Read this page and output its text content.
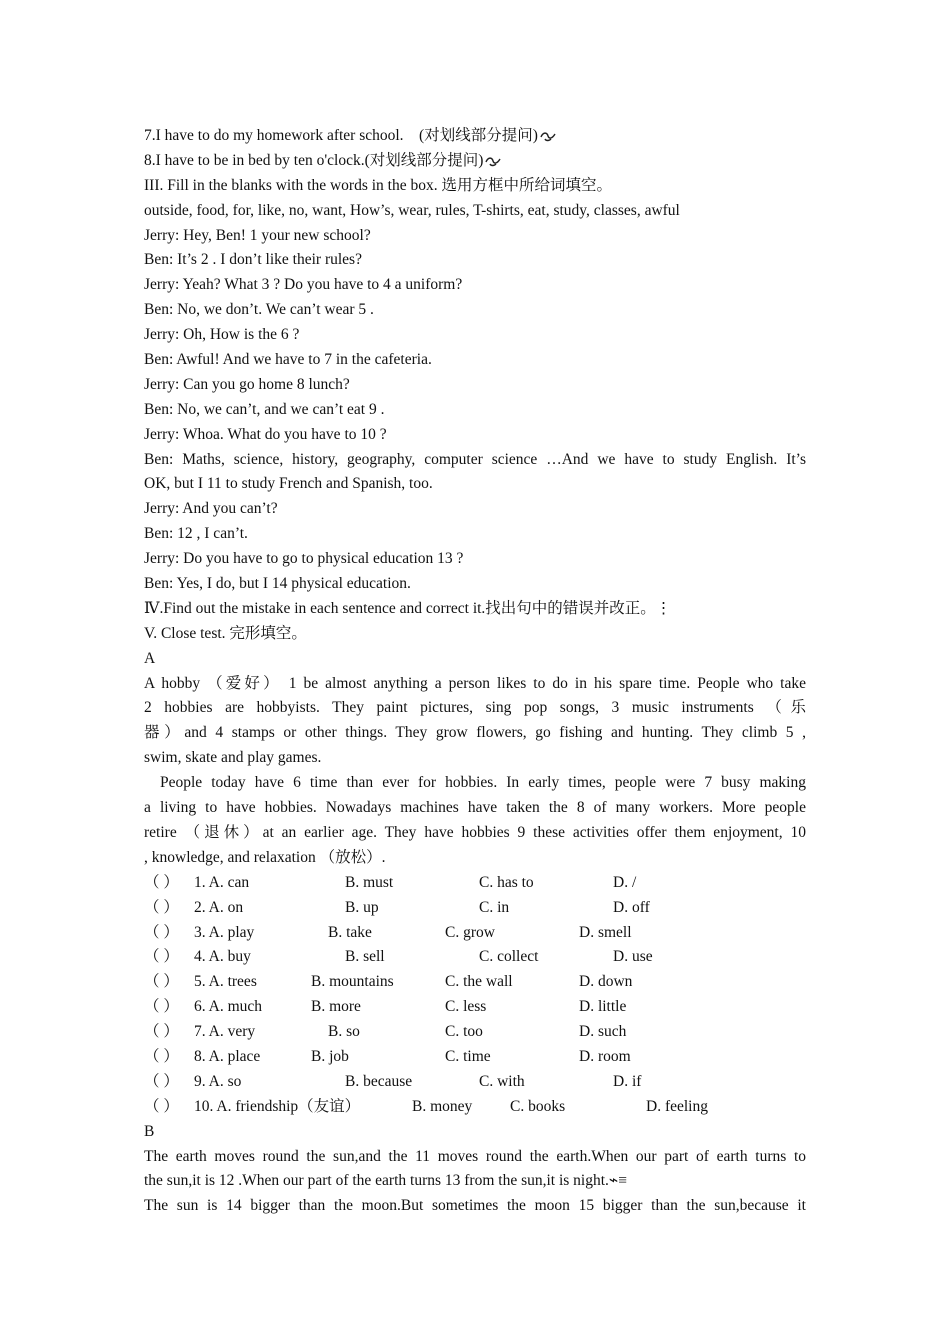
7.I have to do my homework after school.　(对划线部分提问)
8.I have to be in bed by ten o'clock.(对划线部分提问)
III. Fill in the blanks with the words in the box. 选用方框中所给词填空。
outside, food, for, like, no, want, How’s, wear, rules, T-shirts, eat, study, classes, awful
Jerry: Hey, Ben! 1 your new school?
Ben: It’s 2 . I don’t like their rules?
Jerry: Yeah? What 3 ? Do you have to 4 a uniform?
Ben: No, we don’t. We can’t wear 5 .
Jerry: Oh, How is the 6 ?
Ben: Awful! And we have to 7 in the cafeteria.
Jerry: Can you go home 8 lunch?
Ben: No, we can’t, and we can’t eat 9 .
Jerry: Whoa. What do you have to 10 ?
Ben: Maths, science, history, geography, computer science …And we have to study English. It’s
OK, but I 11 to study French and Spanish, too.
Jerry: And you can’t?
Ben: 12 , I can’t.
Jerry: Do you have to go to physical education 13 ?
Ben: Yes, I do, but I 14 physical education.
Ⅳ.Find out the mistake in each sentence and correct it.找出句中的错误并改正。⋮
V. Close test. 完形填空。
A
A hobby （爱好） 1 be almost anything a person likes to do in his spare time. People who take
2 hobbies are hobbyists. They paint pictures, sing pop songs, 3 music instruments （乐
器）and 4 stamps or other things. They grow flowers, go fishing and hunting. They climb 5 ,
swim, skate and play games.
People today have 6 time than ever for hobbies. In early times, people were 7 busy making
a living to have hobbies. Nowadays machines have taken the 8 of many workers. More people
retire （退休）at an earlier age. They have hobbies 9 these activities offer them enjoyment, 10
, knowledge, and relaxation （放松）.
（ ） 1. A. can	B. must	C. has to	D. /
（ ） 2. A. on	B. up	C. in	D. off
（ ） 3. A. play	B. take	C. grow	D. smell
（ ） 4. A. buy	B. sell	C. collect	D. use
（ ） 5. A. trees	B. mountains	C. the wall	D. down
（ ） 6. A. much	B. more	C. less	D. little
（ ） 7. A. very	B. so	C. too	D. such
（ ） 8. A. place	B. job	C. time	D. room
（ ） 9. A. so	B. because	C. with	D. if
（ ） 10. A. friendship（友谊）	B. money	C. books	D. feeling
B
The earth moves round the sun,and the 11 moves round the earth.When our part of earth turns to
the sun,it is 12 .When our part of the earth turns 13 from the sun,it is night.⌁≡
The sun is 14 bigger than the moon.But sometimes the moon 15 bigger than the sun,because it
